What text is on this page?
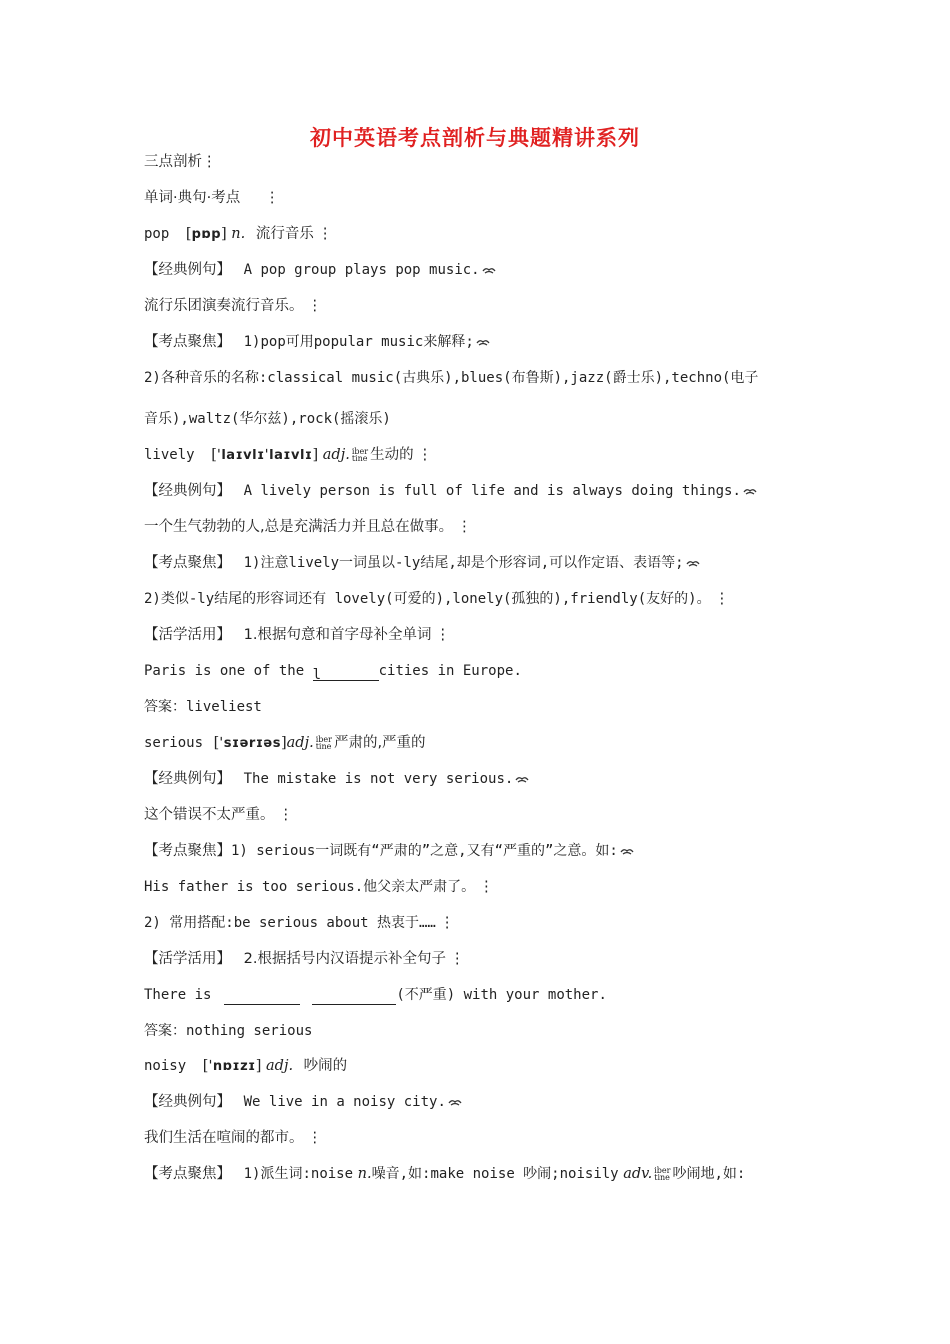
初中英语考点剖析与典题精讲系列
三点剖析⋮
单词·典句·考点 ⋮
pop [pɒp] n. 流行音乐 ⋮
【经典例句】 A pop group plays pop music.
流行乐团演奏流行音乐。 ⋮
【考点聚焦】 1)pop可用popular music来解释;
2)各种音乐的名称:classical music(古典乐),blues(布鲁斯),jazz(爵士乐),techno(电子
音乐),waltz(华尔兹),rock(摇滚乐)
lively [ˈlaɪvlɪˈlaɪvlɪ] adj. iber
tine 生动的 ⋮
【经典例句】 A lively person is full of life and is always doing things.
一个生气勃勃的人,总是充满活力并且总在做事。 ⋮
【考点聚焦】 1)注意lively一词虽以-ly结尾,却是个形容词,可以作定语、表语等;
2)类似-ly结尾的形容词还有 lovely(可爱的),lonely(孤独的),friendly(友好的)。 ⋮
【活学活用】 1.根据句意和首字母补全单词 ⋮
Paris is one of the l	cities in Europe.
答案：liveliest
serious [ˈsɪərɪəs]adj. iber
tine 严肃的,严重的
【经典例句】 The mistake is not very serious.
这个错误不太严重。 ⋮
【考点聚焦】1) serious一词既有“严肃的”之意,又有“严重的”之意。如:
His father is too serious.他父亲太严肃了。 ⋮
2) 常用搭配:be serious about 热衷于…… ⋮
【活学活用】 2.根据括号内汉语提示补全句子 ⋮
There is	(不严重) with your mother.
答案：nothing serious
noisy [ˈnɒɪzɪ] adj. 吵闹的
【经典例句】 We live in a noisy city.
我们生活在喧闹的都市。 ⋮
【考点聚焦】 1)派生词:noise n.噪音,如:make noise 吵闹;noisily adv. iber
tine 吵闹地,如:
